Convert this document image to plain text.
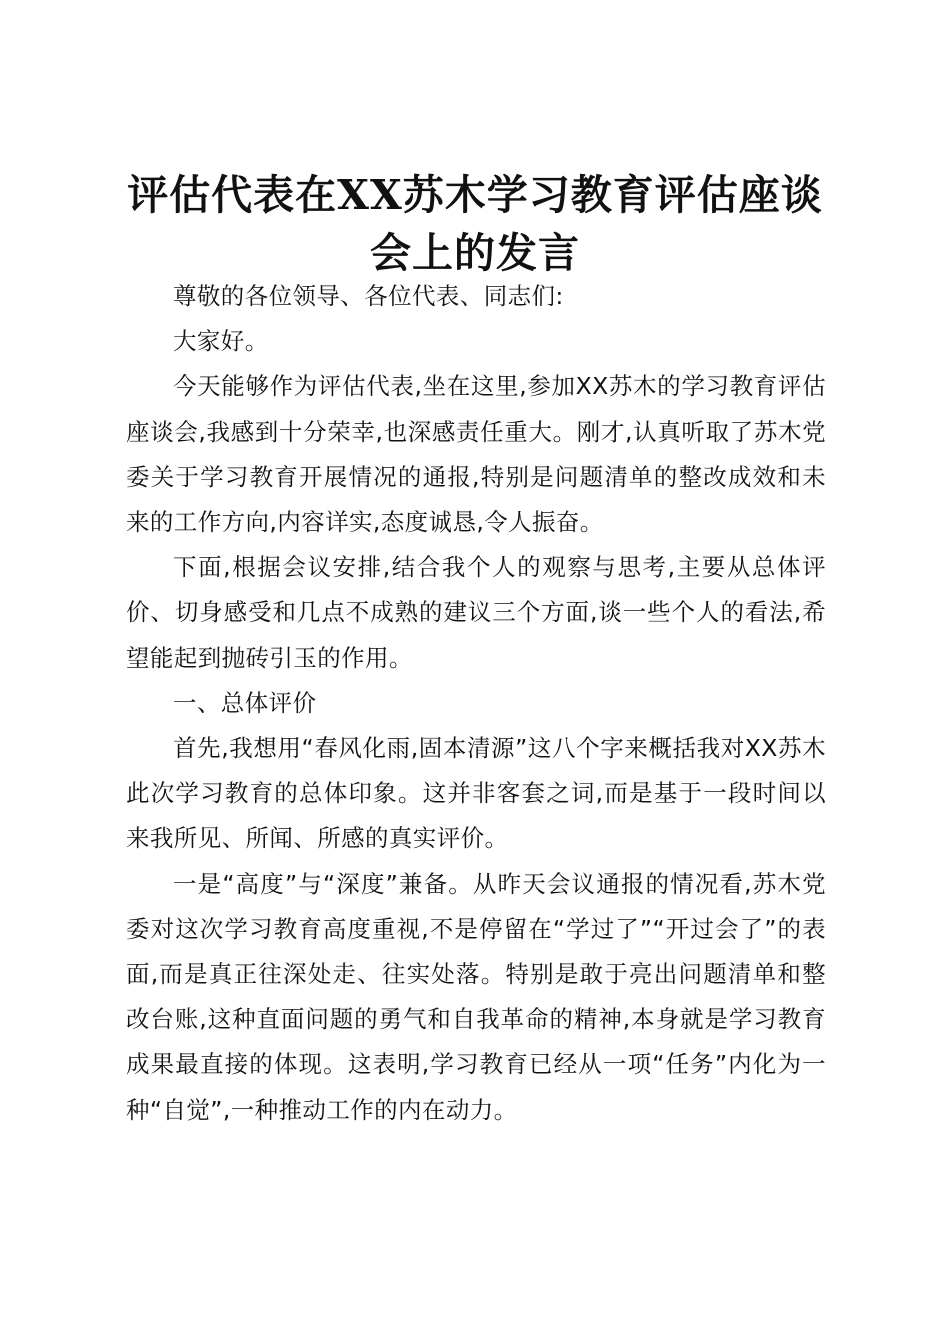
评估代表在XX苏木学习教育评估座谈会上的发言

尊敬的各位领导、各位代表、同志们:

大家好。

今天能够作为评估代表,坐在这里,参加XX苏木的学习教育评估座谈会,我感到十分荣幸,也深感责任重大。刚才,认真听取了苏木党委关于学习教育开展情况的通报,特别是问题清单的整改成效和未来的工作方向,内容详实,态度诚恳,令人振奋。

下面,根据会议安排,结合我个人的观察与思考,主要从总体评价、切身感受和几点不成熟的建议三个方面,谈一些个人的看法,希望能起到抛砖引玉的作用。

一、总体评价

首先,我想用“春风化雨,固本清源”这八个字来概括我对XX苏木此次学习教育的总体印象。这并非客套之词,而是基于一段时间以来我所见、所闻、所感的真实评价。

一是“高度”与“深度”兼备。从昨天会议通报的情况看,苏木党委对这次学习教育高度重视,不是停留在“学过了”“开过会了”的表面,而是真正往深处走、往实处落。特别是敢于亮出问题清单和整改台账,这种直面问题的勇气和自我革命的精神,本身就是学习教育成果最直接的体现。这表明,学习教育已经从一项“任务”内化为一种“自觉”,一种推动工作的内在动力。
